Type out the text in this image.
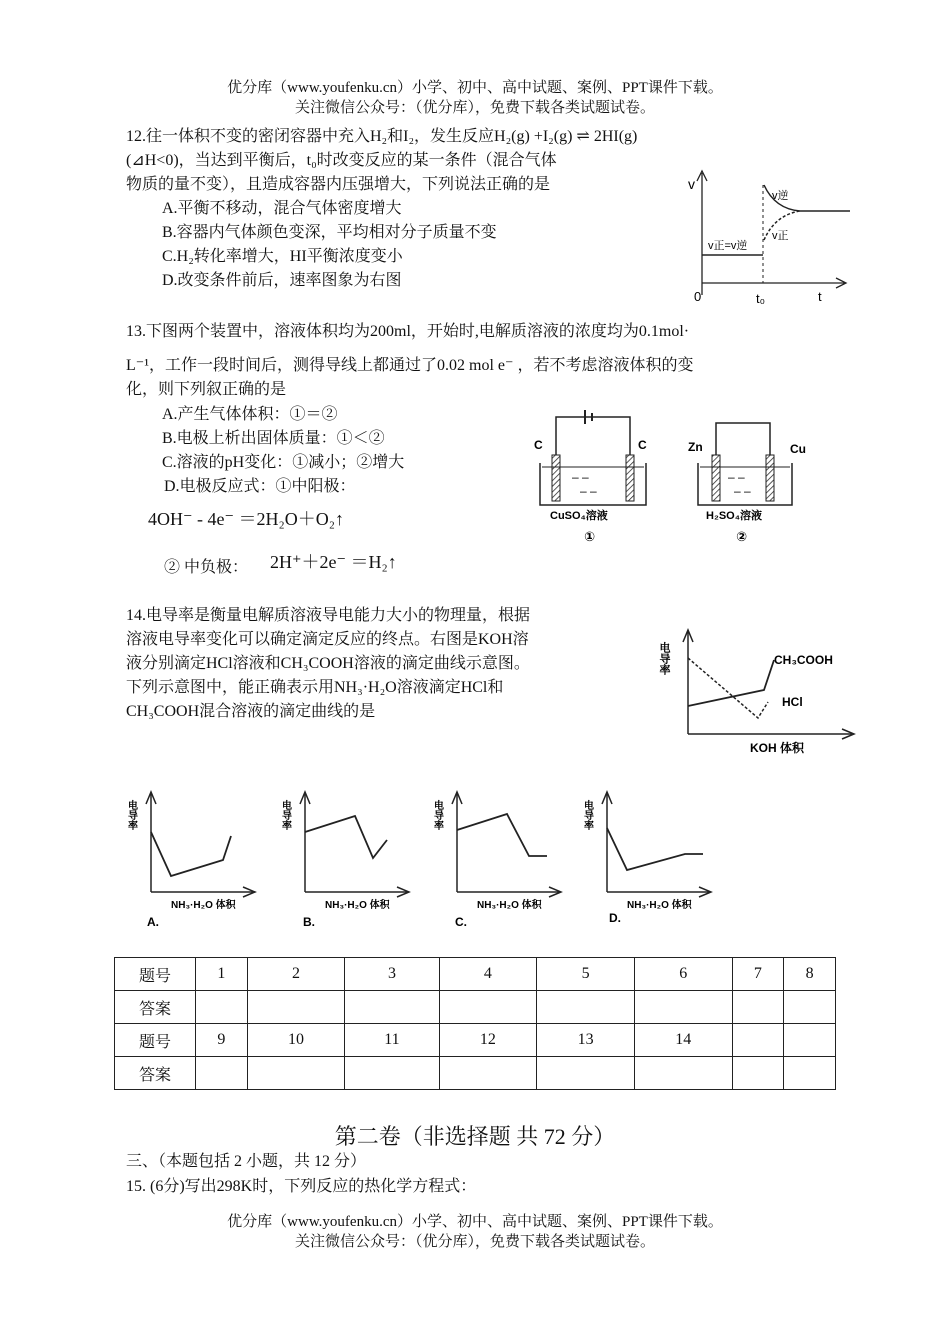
优分库（www.youfenku.cn）小学、初中、高中试题、案例、PPT课件下载。
关注微信公众号：（优分库），免费下载各类试题试卷。
12.往一体积不变的密闭容器中充入H₂和I₂，发生反应H₂(g) +I₂(g) ⇌ 2HI(g)
(⊿H<0)，当达到平衡后，t₀时改变反应的某一条件（混合气体
物质的量不变），且造成容器内压强增大，下列说法正确的是
A.平衡不移动，混合气体密度增大
B.容器内气体颜色变深，平均相对分子质量不变
C.H₂转化率增大，HI平衡浓度变小
D.改变条件前后，速率图象为右图
v
v正=v逆
v逆
v正
0	t₀	t
13.下图两个装置中，溶液体积均为200ml，开始时,电解质溶液的浓度均为0.1mol·
L⁻¹，工作一段时间后，测得导线上都通过了0.02 mol e⁻ ，若不考虑溶液体积的变
化，则下列叙正确的是
A.产生气体体积：①＝②
B.电极上析出固体质量：①＜②
C.溶液的pH变化：①减小；②增大
D.电极反应式：①中阳极：
4OH⁻ - 4e⁻ ＝2H₂O＋O₂↑
② 中负极： 2H⁺＋2e⁻ ＝H₂↑
– –
– –
C	C
CuSO₄溶液
①
– –
– –
Zn	Cu
H₂SO₄溶液
②
14.电导率是衡量电解质溶液导电能力大小的物理量，根据
溶液电导率变化可以确定滴定反应的终点。右图是KOH溶
液分别滴定HCl溶液和CH₃COOH溶液的滴定曲线示意图。
下列示意图中，能正确表示用NH₃·H₂O溶液滴定HCl和
CH₃COOH混合溶液的滴定曲线的是
电导率	CH₃COOH
HCl
KOH 体积
电导率
NH₃·H₂O 体积
A.
电导率
NH₃·H₂O 体积
B.
电导率
NH₃·H₂O 体积
C.
电导率
NH₃·H₂O 体积
D.
题号	1	2	3	4	5	6	7	8
答案								
题号	9	10	11	12	13	14		
答案								
第二卷（非选择题 共 72 分）
三、（本题包括 2 小题，共 12 分）
15. (6分)写出298K时，下列反应的热化学方程式：
优分库（www.youfenku.cn）小学、初中、高中试题、案例、PPT课件下载。
关注微信公众号：（优分库），免费下载各类试题试卷。
